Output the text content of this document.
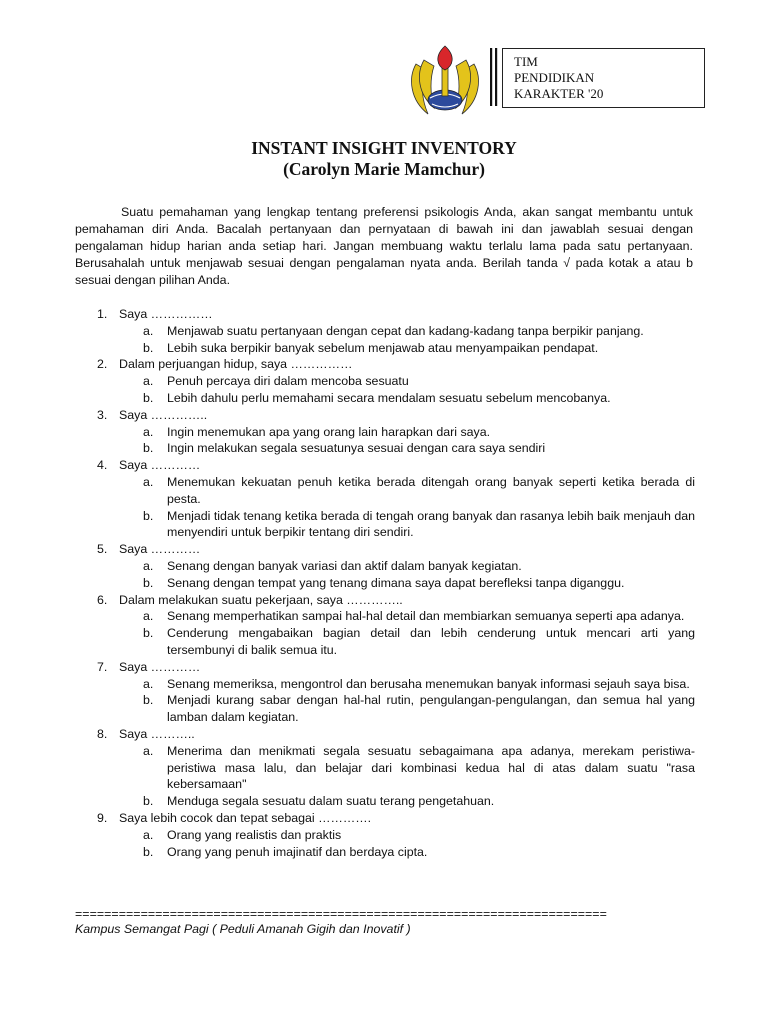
TIM
PENDIDIKAN
KARAKTER '20
INSTANT INSIGHT INVENTORY
(Carolyn Marie Mamchur)

Suatu pemahaman yang lengkap tentang preferensi psikologis Anda, akan sangat membantu untuk pemahaman diri Anda. Bacalah pertanyaan dan pernyataan di bawah ini dan jawablah sesuai dengan pengalaman hidup harian anda setiap hari. Jangan membuang waktu terlalu lama pada satu pertanyaan. Berusahalah untuk menjawab sesuai dengan pengalaman nyata anda. Berilah tanda √ pada kotak a atau b sesuai dengan pilihan Anda.

1. Saya ……………
a. Menjawab suatu pertanyaan dengan cepat dan kadang-kadang tanpa berpikir panjang.
b. Lebih suka berpikir banyak sebelum menjawab atau menyampaikan pendapat.
2. Dalam perjuangan hidup, saya ……………
a. Penuh percaya diri dalam mencoba sesuatu
b. Lebih dahulu perlu memahami secara mendalam sesuatu sebelum mencobanya.
3. Saya …………..
a. Ingin menemukan apa yang orang lain harapkan dari saya.
b. Ingin melakukan segala sesuatunya sesuai dengan cara saya sendiri
4. Saya …………
a. Menemukan kekuatan penuh ketika berada ditengah orang banyak seperti ketika berada di pesta.
b. Menjadi tidak tenang ketika berada di tengah orang banyak dan rasanya lebih baik menjauh dan menyendiri untuk berpikir tentang diri sendiri.
5. Saya …………
a. Senang dengan banyak variasi dan aktif dalam banyak kegiatan.
b. Senang dengan tempat yang tenang dimana saya dapat berefleksi tanpa diganggu.
6. Dalam melakukan suatu pekerjaan, saya …………..
a. Senang memperhatikan sampai hal-hal detail dan membiarkan semuanya seperti apa adanya.
b. Cenderung mengabaikan bagian detail dan lebih cenderung untuk mencari arti yang tersembunyi di balik semua itu.
7. Saya …………
a. Senang memeriksa, mengontrol dan berusaha menemukan banyak informasi sejauh saya bisa.
b. Menjadi kurang sabar dengan hal-hal rutin, pengulangan-pengulangan, dan semua hal yang lamban dalam kegiatan.
8. Saya ………..
a. Menerima dan menikmati segala sesuatu sebagaimana apa adanya, merekam peristiwa-peristiwa masa lalu, dan belajar dari kombinasi kedua hal di atas dalam suatu "rasa kebersamaan"
b. Menduga segala sesuatu dalam suatu terang pengetahuan.
9. Saya lebih cocok dan tepat sebagai ………….
a. Orang yang realistis dan praktis
b. Orang yang penuh imajinatif dan berdaya cipta.
=========================================================================
Kampus Semangat Pagi ( Peduli Amanah Gigih dan Inovatif )
